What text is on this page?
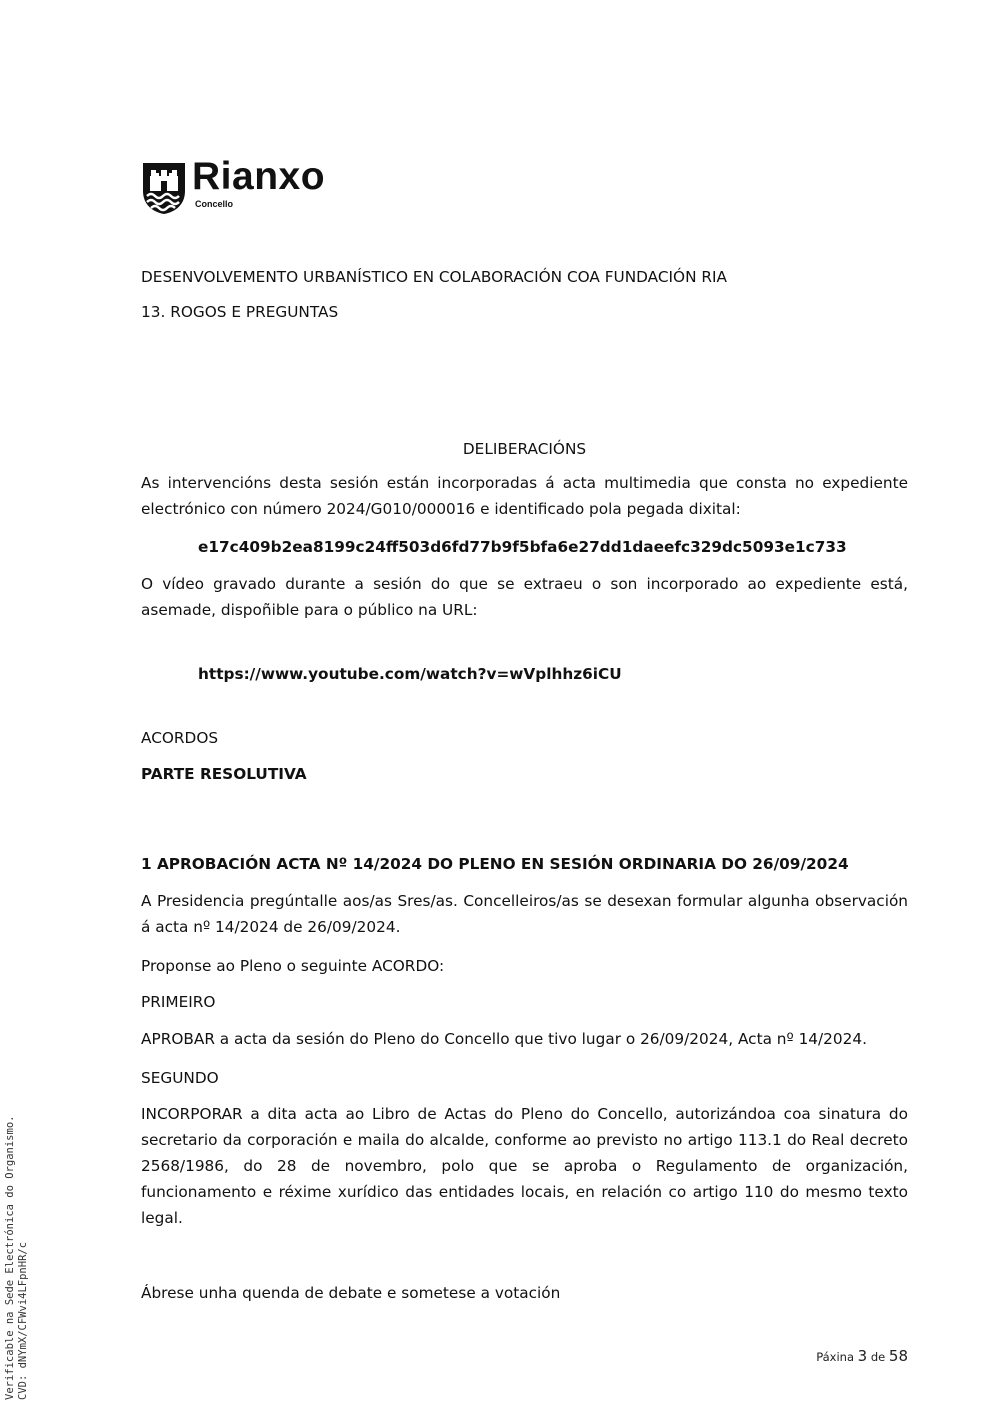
Rianxo
Concello

DESENVOLVEMENTO URBANÍSTICO EN COLABORACIÓN COA FUNDACIÓN RIA

13. ROGOS E PREGUNTAS

DELIBERACIÓNS

As intervencións desta sesión están incorporadas á acta multimedia que consta no expediente electrónico con número 2024/G010/000016 e identificado pola pegada dixital:

e17c409b2ea8199c24ff503d6fd77b9f5bfa6e27dd1daeefc329dc5093e1c733

O vídeo gravado durante a sesión do que se extraeu o son incorporado ao expediente está, asemade, dispoñible para o público na URL:

https://www.youtube.com/watch?v=wVplhhz6iCU

ACORDOS

PARTE RESOLUTIVA

1 APROBACIÓN ACTA Nº 14/2024 DO PLENO EN SESIÓN ORDINARIA DO 26/09/2024

A Presidencia pregúntalle aos/as Sres/as. Concelleiros/as se desexan formular algunha observación á acta nº 14/2024 de 26/09/2024.

Proponse ao Pleno o seguinte ACORDO:

PRIMEIRO

APROBAR a acta da sesión do Pleno do Concello que tivo lugar o 26/09/2024, Acta nº 14/2024.

SEGUNDO

INCORPORAR a dita acta ao Libro de Actas do Pleno do Concello, autorizándoa coa sinatura do secretario da corporación e maila do alcalde, conforme ao previsto no artigo 113.1 do Real decreto 2568/1986, do 28 de novembro, polo que se aproba o Regulamento de organización, funcionamento e réxime xurídico das entidades locais, en relación co artigo 110 do mesmo texto legal.

Ábrese unha quenda de debate e sometese a votación

Verificable na Sede Electrónica do Organismo. CVD: dNYmX/CFWvi4LFpnHR/c	Páxina 3 de 58
